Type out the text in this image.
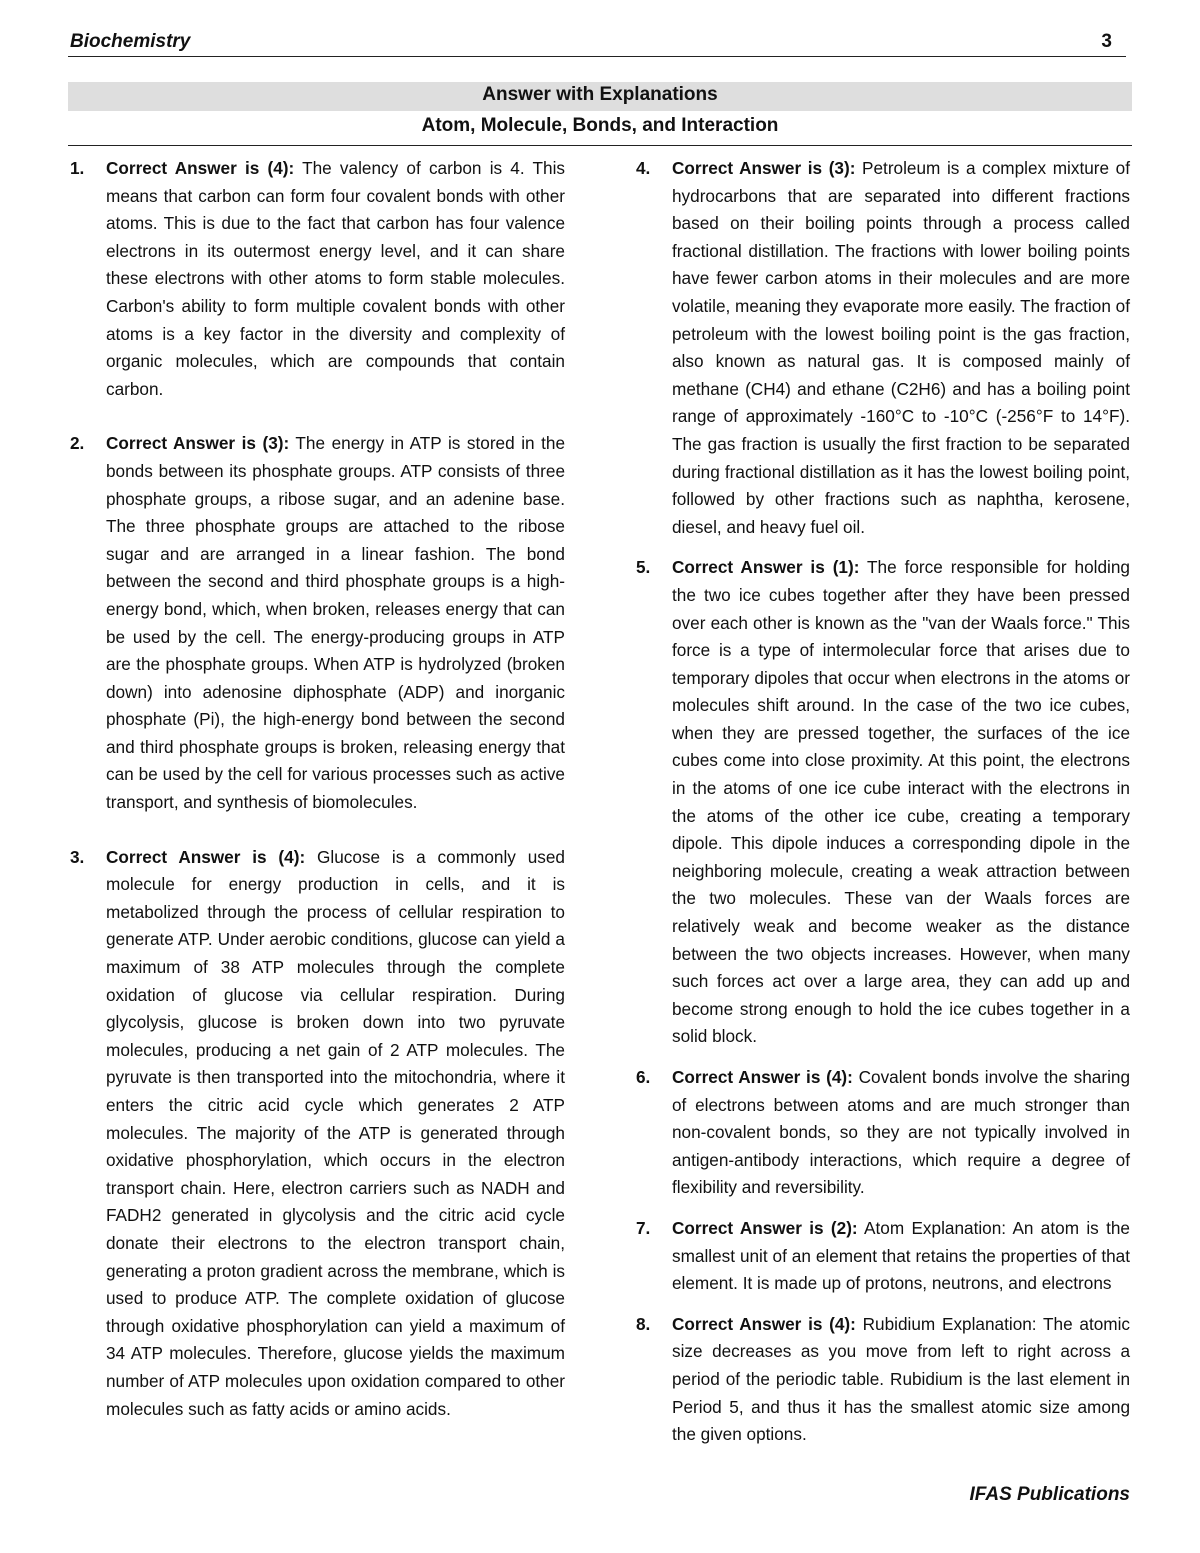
Biochemistry	3
Answer with Explanations
Atom, Molecule, Bonds, and Interaction
1. Correct Answer is (4): The valency of carbon is 4. This means that carbon can form four covalent bonds with other atoms. This is due to the fact that carbon has four valence electrons in its outermost energy level, and it can share these electrons with other atoms to form stable molecules. Carbon's ability to form multiple covalent bonds with other atoms is a key factor in the diversity and complexity of organic molecules, which are compounds that contain carbon.
2. Correct Answer is (3): The energy in ATP is stored in the bonds between its phosphate groups. ATP consists of three phosphate groups, a ribose sugar, and an adenine base. The three phosphate groups are attached to the ribose sugar and are arranged in a linear fashion. The bond between the second and third phosphate groups is a high-energy bond, which, when broken, releases energy that can be used by the cell. The energy-producing groups in ATP are the phosphate groups. When ATP is hydrolyzed (broken down) into adenosine diphosphate (ADP) and inorganic phosphate (Pi), the high-energy bond between the second and third phosphate groups is broken, releasing energy that can be used by the cell for various processes such as active transport, and synthesis of biomolecules.
3. Correct Answer is (4): Glucose is a commonly used molecule for energy production in cells, and it is metabolized through the process of cellular respiration to generate ATP. Under aerobic conditions, glucose can yield a maximum of 38 ATP molecules through the complete oxidation of glucose via cellular respiration. During glycolysis, glucose is broken down into two pyruvate molecules, producing a net gain of 2 ATP molecules. The pyruvate is then transported into the mitochondria, where it enters the citric acid cycle which generates 2 ATP molecules. The majority of the ATP is generated through oxidative phosphorylation, which occurs in the electron transport chain. Here, electron carriers such as NADH and FADH2 generated in glycolysis and the citric acid cycle donate their electrons to the electron transport chain, generating a proton gradient across the membrane, which is used to produce ATP. The complete oxidation of glucose through oxidative phosphorylation can yield a maximum of 34 ATP molecules. Therefore, glucose yields the maximum number of ATP molecules upon oxidation compared to other molecules such as fatty acids or amino acids.
4. Correct Answer is (3): Petroleum is a complex mixture of hydrocarbons that are separated into different fractions based on their boiling points through a process called fractional distillation. The fractions with lower boiling points have fewer carbon atoms in their molecules and are more volatile, meaning they evaporate more easily. The fraction of petroleum with the lowest boiling point is the gas fraction, also known as natural gas. It is composed mainly of methane (CH4) and ethane (C2H6) and has a boiling point range of approximately -160°C to -10°C (-256°F to 14°F). The gas fraction is usually the first fraction to be separated during fractional distillation as it has the lowest boiling point, followed by other fractions such as naphtha, kerosene, diesel, and heavy fuel oil.
5. Correct Answer is (1): The force responsible for holding the two ice cubes together after they have been pressed over each other is known as the "van der Waals force." This force is a type of intermolecular force that arises due to temporary dipoles that occur when electrons in the atoms or molecules shift around. In the case of the two ice cubes, when they are pressed together, the surfaces of the ice cubes come into close proximity. At this point, the electrons in the atoms of one ice cube interact with the electrons in the atoms of the other ice cube, creating a temporary dipole. This dipole induces a corresponding dipole in the neighboring molecule, creating a weak attraction between the two molecules. These van der Waals forces are relatively weak and become weaker as the distance between the two objects increases. However, when many such forces act over a large area, they can add up and become strong enough to hold the ice cubes together in a solid block.
6. Correct Answer is (4): Covalent bonds involve the sharing of electrons between atoms and are much stronger than non-covalent bonds, so they are not typically involved in antigen-antibody interactions, which require a degree of flexibility and reversibility.
7. Correct Answer is (2): Atom Explanation: An atom is the smallest unit of an element that retains the properties of that element. It is made up of protons, neutrons, and electrons
8. Correct Answer is (4): Rubidium Explanation: The atomic size decreases as you move from left to right across a period of the periodic table. Rubidium is the last element in Period 5, and thus it has the smallest atomic size among the given options.
IFAS Publications
